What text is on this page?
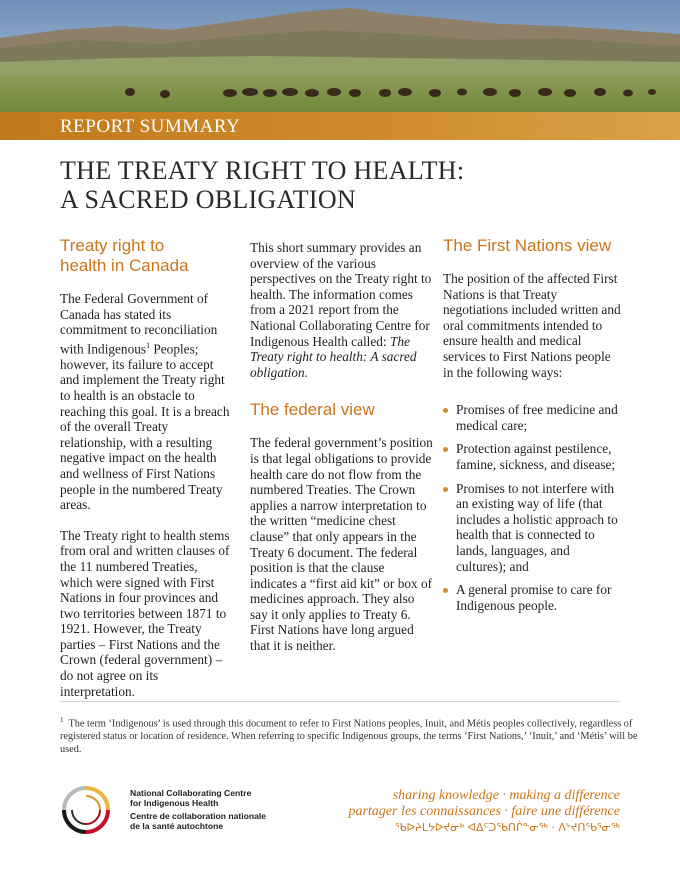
REPORT SUMMARY
THE TREATY RIGHT TO HEALTH:
A SACRED OBLIGATION
Treaty right to
health in Canada

The Federal Government of Canada has stated its commitment to reconciliation with Indigenous$^1$ Peoples; however, its failure to accept and implement the Treaty right to health is an obstacle to reaching this goal. It is a breach of the overall Treaty relationship, with a resulting negative impact on the health and wellness of First Nations people in the numbered Treaty areas.

The Treaty right to health stems from oral and written clauses of the 11 numbered Treaties, which were signed with First Nations in four provinces and two territories between 1871 to 1921. However, the Treaty parties – First Nations and the Crown (federal government) – do not agree on its interpretation.

This short summary provides an overview of the various perspectives on the Treaty right to health. The information comes from a 2021 report from the National Collaborating Centre for Indigenous Health called: The Treaty right to health: A sacred obligation.

The federal view

The federal government’s position is that legal obligations to provide health care do not flow from the numbered Treaties. The Crown applies a narrow interpretation to the written “medicine chest clause” that only appears in the Treaty 6 document. The federal position is that the clause indicates a “first aid kit” or box of medicines approach. They also say it only applies to Treaty 6. First Nations have long argued that it is neither.

The First Nations view

The position of the affected First Nations is that Treaty negotiations included written and oral commitments intended to ensure health and medical services to First Nations people in the following ways:

Promises of free medicine and medical care;
Protection against pestilence, famine, sickness, and disease;
Promises to not interfere with an existing way of life (that includes a holistic approach to health that is connected to lands, languages, and cultures); and
A general promise to care for Indigenous people.
$^1$ The term ‘Indigenous’ is used through this document to refer to First Nations peoples, Inuit, and Métis peoples collectively, regardless of registered status or location of residence. When referring to specific Indigenous groups, the terms ‘First Nations,’ ‘Inuit,’ and ‘Métis’ will be used.
National Collaborating Centre
for Indigenous Health
Centre de collaboration nationale
de la santé autochtone
sharing knowledge · making a difference
partager les connaissances · faire une différence
ᖃᐅᔨᒪᔭᐅᔪᓂᒃ ᐊᐃᑦᑐᖃᑎᒌᓐᓂᖅ · ᐱᔾᔪᑎᖃᕐᓂᖅ
